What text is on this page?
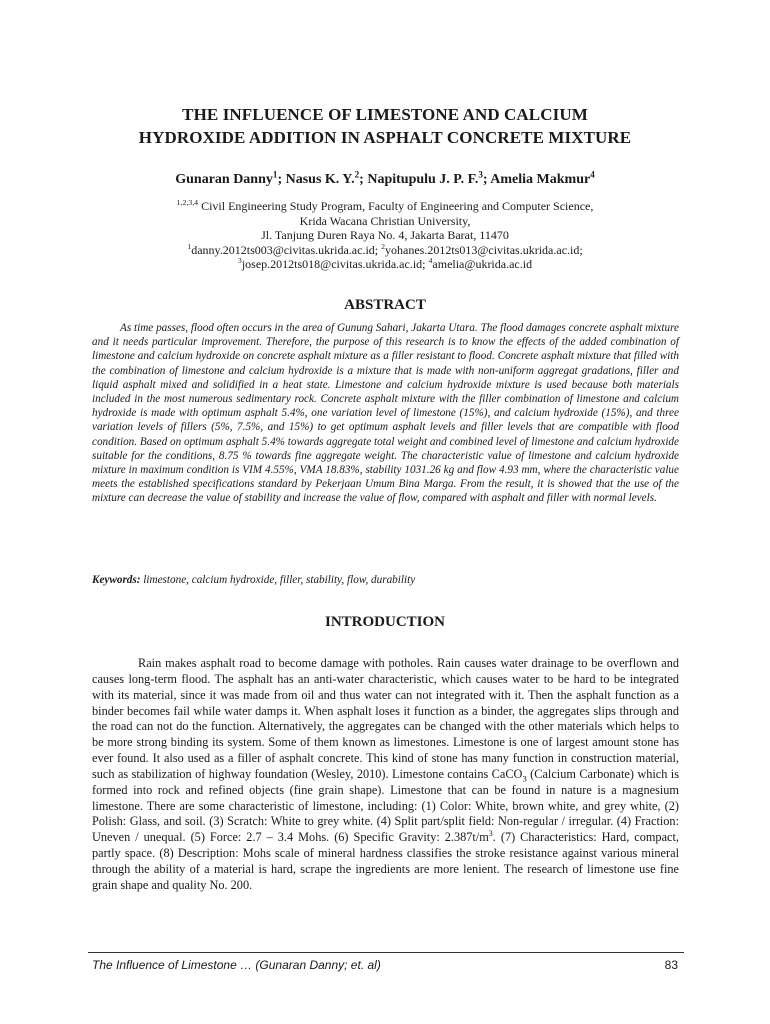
THE INFLUENCE OF LIMESTONE AND CALCIUM
HYDROXIDE ADDITION IN ASPHALT CONCRETE MIXTURE
Gunaran Danny$^1$; Nasus K. Y.$^2$; Napitupulu J. P. F.$^3$; Amelia Makmur$^4$
$^{1,2,3,4}$ Civil Engineering Study Program, Faculty of Engineering and Computer Science,
Krida Wacana Christian University,
Jl. Tanjung Duren Raya No. 4, Jakarta Barat, 11470
$^1$danny.2012ts003@civitas.ukrida.ac.id; $^2$yohanes.2012ts013@civitas.ukrida.ac.id;
$^3$josep.2012ts018@civitas.ukrida.ac.id; $^4$amelia@ukrida.ac.id
ABSTRACT

As time passes, flood often occurs in the area of Gunung Sahari, Jakarta Utara. The flood damages concrete asphalt mixture and it needs particular improvement. Therefore, the purpose of this research is to know the effects of the added combination of limestone and calcium hydroxide on concrete asphalt mixture as a filler resistant to flood. Concrete asphalt mixture that filled with the combination of limestone and calcium hydroxide is a mixture that is made with non-uniform aggregat gradations, filler and liquid asphalt mixed and solidified in a heat state. Limestone and calcium hydroxide mixture is used because both materials included in the most numerous sedimentary rock. Concrete asphalt mixture with the filler combination of limestone and calcium hydroxide is made with optimum asphalt 5.4%, one variation level of limestone (15%), and calcium hydroxide (15%), and three variation levels of fillers (5%, 7.5%, and 15%) to get optimum asphalt levels and filler levels that are compatible with flood condition. Based on optimum asphalt 5.4% towards aggregate total weight and combined level of limestone and calcium hydroxide suitable for the conditions, 8.75 % towards fine aggregate weight. The characteristic value of limestone and calcium hydroxide mixture in maximum condition is VIM 4.55%, VMA 18.83%, stability 1031.26 kg and flow 4.93 mm, where the characteristic value meets the established specifications standard by Pekerjaan Umum Bina Marga. From the result, it is showed that the use of the mixture can decrease the value of stability and increase the value of flow, compared with asphalt and filler with normal levels.

Keywords: limestone, calcium hydroxide, filler, stability, flow, durability
INTRODUCTION

Rain makes asphalt road to become damage with potholes. Rain causes water drainage to be overflown and causes long-term flood. The asphalt has an anti-water characteristic, which causes water to be hard to be integrated with its material, since it was made from oil and thus water can not integrated with it. Then the asphalt function as a binder becomes fail while water damps it. When asphalt loses it function as a binder, the aggregates slips through and the road can not do the function. Alternatively, the aggregates can be changed with the other materials which helps to be more strong binding its system. Some of them known as limestones. Limestone is one of largest amount stone has ever found. It also used as a filler of asphalt concrete. This kind of stone has many function in construction material, such as stabilization of highway foundation (Wesley, 2010). Limestone contains CaCO$_3$ (Calcium Carbonate) which is formed into rock and refined objects (fine grain shape). Limestone that can be found in nature is a magnesium limestone. There are some characteristic of limestone, including: (1) Color: White, brown white, and grey white, (2) Polish: Glass, and soil. (3) Scratch: White to grey white. (4) Split part/split field: Non-regular / irregular. (4) Fraction: Uneven / unequal. (5) Force: 2.7 – 3.4 Mohs. (6) Specific Gravity: $2.387t/m^3$. (7) Characteristics: Hard, compact, partly space. (8) Description: Mohs scale of mineral hardness classifies the stroke resistance against various mineral through the ability of a material is hard, scrape the ingredients are more lenient. The research of limestone use fine grain shape and quality No. 200.

The Influence of Limestone … (Gunaran Danny; et. al)	83
